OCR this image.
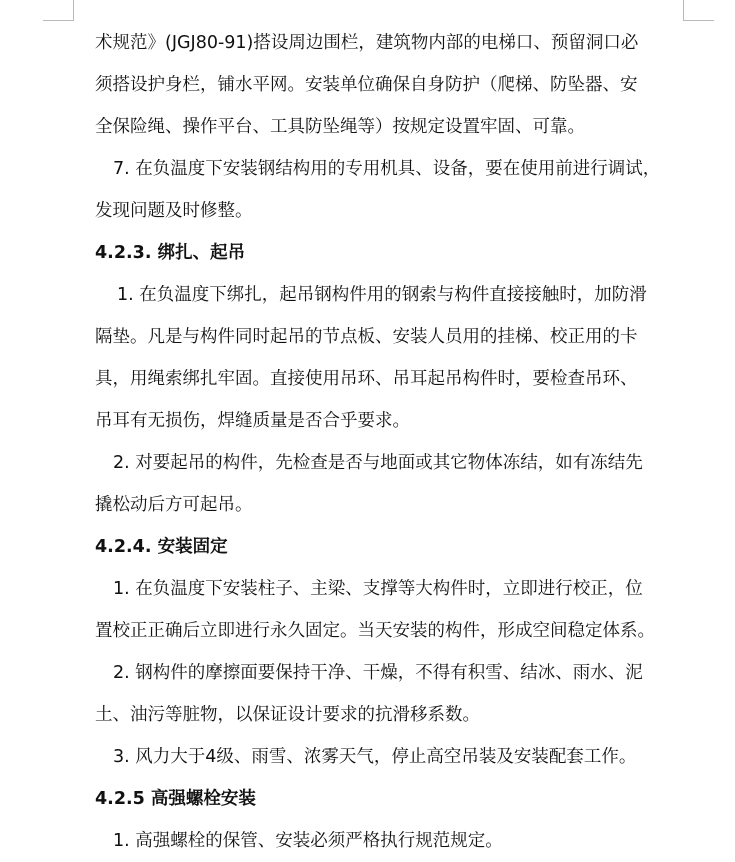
术规范》(JGJ80-91)搭设周边围栏，建筑物内部的电梯口、预留洞口必
须搭设护身栏，铺水平网。安装单位确保自身防护（爬梯、防坠器、安
全保险绳、操作平台、工具防坠绳等）按规定设置牢固、可靠。
7. 在负温度下安装钢结构用的专用机具、设备，要在使用前进行调试，
发现问题及时修整。
4.2.3. 绑扎、起吊
1. 在负温度下绑扎，起吊钢构件用的钢索与构件直接接触时，加防滑
隔垫。凡是与构件同时起吊的节点板、安装人员用的挂梯、校正用的卡
具，用绳索绑扎牢固。直接使用吊环、吊耳起吊构件时，要检查吊环、
吊耳有无损伤，焊缝质量是否合乎要求。
2. 对要起吊的构件，先检查是否与地面或其它物体冻结，如有冻结先
撬松动后方可起吊。
4.2.4. 安装固定
1. 在负温度下安装柱子、主梁、支撑等大构件时，立即进行校正，位
置校正正确后立即进行永久固定。当天安装的构件，形成空间稳定体系。
2. 钢构件的摩擦面要保持干净、干燥，不得有积雪、结冰、雨水、泥
土、油污等脏物，以保证设计要求的抗滑移系数。
3. 风力大于4级、雨雪、浓雾天气，停止高空吊装及安装配套工作。
4.2.5 高强螺栓安装
1. 高强螺栓的保管、安装必须严格执行规范规定。
